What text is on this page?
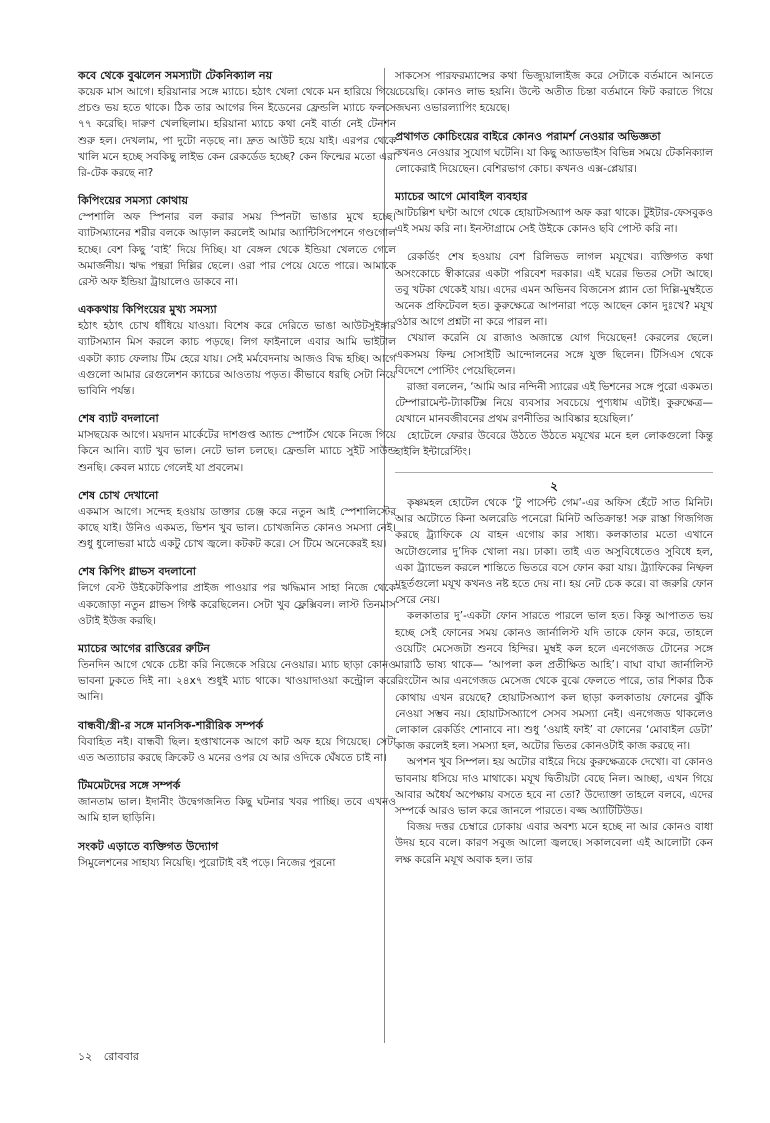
কবে থেকে বুঝলেন সমস্যাটা টেকনিক্যাল নয়

কয়েক মাস আগে। হরিয়ানার সঙ্গে ম্যাচে। হঠাৎ খেলা থেকে মন হারিয়ে গিয়ে প্রচণ্ড ভয় হতে থাকে। ঠিক তার আগের দিন ইডেনের ফ্রেন্ডলি ম্যাচে ফলসে ৭৭ করেছি। দারুণ খেলছিলাম। হরিয়ানা ম্যাচে কথা নেই বার্তা নেই টেনশন শুরু হল। দেখলাম, পা দুটো নড়ছে না। দ্রুত আউট হয়ে যাই। এরপর থেকে খালি মনে হচ্ছে সবকিছু লাইভ কেন রেকর্ডেড হচ্ছে? কেন ফিল্মের মতো এরা রি-টেক করছে না?

কিপিংয়ের সমস্যা কোথায়

স্পেশালি অফ স্পিনার বল করার সময় স্পিনটা ভাঙার মুখে হচ্ছে। ব্যাটসম্যানের শরীর বলকে আড়াল করলেই আমার অ্যান্টিসিপেশনে গণ্ডগোল হচ্ছে। বেশ কিছু ‘বাই’ দিয়ে দিচ্ছি। যা বেঙ্গল থেকে ইন্ডিয়া খেলতে গেলে অমার্জনীয়। ঋদ্ধ পন্থরা দিল্লির ছেলে। ওরা পার পেয়ে যেতে পারে। আমাকে রেস্ট অফ ইন্ডিয়া ট্রায়ালেও ডাকবে না।

এককথায় কিপিংয়ের মুখ্য সমস্যা

হঠাৎ হঠাৎ চোখ ধাঁধিয়ে যাওয়া। বিশেষ করে দেরিতে ভাঙা আউটসুইঙ্গার ব্যাটসম্যান মিস করলে ক্যাচ পড়ছে। লিগ ফাইনালে এবার আমি ভাইটাল একটা ক্যাচ ফেলায় টিম হেরে যায়। সেই মর্মবেদনায় আজও বিদ্ধ হচ্ছি। আগে এগুলো আমার রেগুলেশন ক্যাচের আওতায় পড়ত। কীভাবে ধরছি সেটা নিয়ে ভাবিনি পর্যন্ত।

শেষ ব্যাট বদলানো

মাসছয়েক আগে। ময়দান মার্কেটের দাশগুপ্ত অ্যান্ড স্পোর্টস থেকে নিজে গিয়ে কিনে আনি। ব্যাট খুব ভাল। নেটে ভাল চলছে। ফ্রেন্ডলি ম্যাচে সুইট সাউন্ড শুনছি। কেবল ম্যাচে গেলেই যা প্রবলেম।

শেষ চোখ দেখানো

একমাস আগে। সন্দেহ হওয়ায় ডাক্তার চেঞ্জ করে নতুন আই স্পেশালিস্টের কাছে যাই। উনিও একমত, ভিশন খুব ভাল। চোখজনিত কোনও সমস্যা নেই। শুধু ধুলোভরা মাঠে একটু চোখ জ্বলে। কটকট করে। সে টিমে অনেকেরই হয়।

শেষ কিপিং গ্লাভস বদলানো

লিগে বেস্ট উইকেটকিপার প্রাইজ পাওয়ার পর ঋদ্ধিমান সাহা নিজে থেকে একজোড়া নতুন গ্লাভস গিফ্ট করেছিলেন। সেটা খুব ফ্লেক্সিবল। লাস্ট তিনমাস ওটাই ইউজ করছি।

ম্যাচের আগের রাত্তিরের রুটিন

তিনদিন আগে থেকে চেষ্টা করি নিজেকে সরিয়ে নেওয়ার। ম্যাচ ছাড়া কোনও ভাবনা ঢুকতে দিই না। ২৪x৭ শুধুই ম্যাচ থাকে। খাওয়াদাওয়া কন্ট্রোল করে আনি।

বান্ধবী/স্ত্রী-র সঙ্গে মানসিক-শারীরিক সম্পর্ক

বিবাহিত নই। বান্ধবী ছিল। হপ্তাখানেক আগে কাট অফ হয়ে গিয়েছে। সেটা এত অত্যাচার করছে ক্রিকেট ও মনের ওপর যে আর ওদিকে ঘেঁষতে চাই না।

টিমমেটদের সঙ্গে সম্পর্ক

জানতাম ভাল। ইদানীং উদ্বেগজনিত কিছু ঘটনার খবর পাচ্ছি। তবে এখনও আমি হাল ছাড়িনি।

সংকট এড়াতে ব্যক্তিগত উদ্যোগ

সিমুলেশনের সাহায্য নিয়েছি। পুরোটাই বই পড়ে। নিজের পুরনো

সাকসেস পারফরম্যান্সের কথা ভিজ্যুয়ালাইজ করে সেটাকে বর্তমানে আনতে চেয়েছি। কোনও লাভ হয়নি। উল্টে অতীত চিন্তা বর্তমানে ফিট করাতে গিয়ে জঘন্য ওভারল্যাপিং হয়েছে।

প্রথাগত কোচিংয়ের বাইরে কোনও পরামর্শ নেওয়ার অভিজ্ঞতা

কখনও নেওয়ার সুযোগ ঘটেনি। যা কিছু অ্যাডভাইস বিভিন্ন সময়ে টেকনিক্যাল লোকেরাই দিয়েছেন। বেশিরভাগ কোচ। কখনও এক্স-প্লেয়ার।

ম্যাচের আগে মোবাইল ব্যবহার

আটচল্লিশ ঘণ্টা আগে থেকে হোয়াটসঅ্যাপ অফ করা থাকে। টুইটার-ফেসবুকও এই সময় করি না। ইনস্টাগ্রামে সেই উইকে কোনও ছবি পোস্ট করি না।

রেকর্ডিং শেষ হওয়ায় বেশ রিলিভড লাগল মযূখের। ব্যক্তিগত কথা অসংকোচে স্বীকারের একটা পরিবেশ দরকার। এই ঘরের ভিতর সেটা আছে। তবু খটকা থেকেই যায়। এদের এমন অভিনব বিজনেস প্ল্যান তো দিল্লি-মুম্বইতে অনেক প্রফিটেবল হত। কুরুক্ষেত্রে আপনারা পড়ে আছেন কোন দুঃখে? মযূখ ওঠার আগে প্রশ্নটা না করে পারল না।

খেয়াল করেনি যে রাজাও অজান্তে যোগ দিয়েছেন! কেরলের ছেলে। একসময় ফিল্ম সোসাইটি আন্দোলনের সঙ্গে যুক্ত ছিলেন। টিসিএস থেকে বিদেশে পোস্টিং পেয়েছিলেন।

রাজা বললেন, ‘আমি আর নন্দিনী স্যারের এই ভিশনের সঙ্গে পুরো একমত। টেম্পারামেন্ট-ট্যাকটিক্স নিয়ে ব্যবসার সবচেয়ে পুণ্যধাম এটাই। কুরুক্ষেত্র— যেখানে মানবজীবনের প্রথম রণনীতির আবিষ্কার হয়েছিল।’

হোটেলে ফেরার উবেরে উঠতে উঠতে মযূখের মনে হল লোকগুলো কিন্তু হাইলি ইন্টারেস্টিং।

২

কৃষ্ণমহল হোটেল থেকে ‘টু পার্সেন্ট গেম’-এর অফিস হেঁটে সাত মিনিট। আর অটোতে কিনা অলরেডি পনেরো মিনিট অতিক্রান্ত! সরু রাস্তা গিজগিজ করছে ট্র্যাফিকে যে বাহন এগোয় কার সাধ্য। কলকাতার মতো এখানে অটোগুলোর দু’দিক খোলা নয়। ঢাকা। তাই এত অসুবিধেতেও সুবিধে হল, একা ট্র্যাভেল করলে শান্তিতে ভিতরে বসে ফোন করা যায়। ট্র্যাফিকের নিষ্ফল মুহূর্তগুলো মযূখ কখনও নষ্ট হতে দেয় না। হয় নেট চেক করে। বা জরুরি ফোন সেরে নেয়।

কলকাতার দু’-একটা ফোন সারতে পারলে ভাল হত। কিন্তু আপাতত ভয় হচ্ছে সেই ফোনের সময় কোনও জার্নালিস্ট যদি তাকে ফোন করে, তাহলে ওয়েটিং মেসেজটা শুনবে হিন্দির। মুম্বই কল হলে এনগেজড টোনের সঙ্গে মারাঠি ভাষ্য থাকে— ‘আপলা কল প্রতীক্ষিত আহি’। বাঘা বাঘা জার্নালিস্ট রিংটোন আর এনগেজড মেসেজ থেকে বুঝে ফেলতে পারে, তার শিকার ঠিক কোথায় এখন রয়েছে? হোয়াটসঅ্যাপ কল ছাড়া কলকাতায় ফোনের ঝুঁকি নেওয়া সম্ভব নয়। হোয়াটসঅ্যাপে সেসব সমস্যা নেই। এনগেজড থাকলেও লোকাল রেকর্ডিং শোনাবে না। শুধু ‘ওয়াই ফাই’ বা ফোনের ‘মোবাইল ডেটা’ কাজ করলেই হল। সমস্যা হল, অটোর ভিতর কোনওটাই কাজ করছে না।

অপশন খুব সিম্পল। হয় অটোর বাইরে দিয়ে কুরুক্ষেত্রকে দেখো। বা কোনও ভাবনায় ধসিয়ে দাও মাথাকে। মযূখ দ্বিতীয়টা বেছে নিল। আচ্ছা, এখন গিয়ে আবার অধৈর্য অপেক্ষায় বসতে হবে না তো? উদ্যোক্তা তাহলে বলবে, এদের সম্পর্কে আরও ভাল করে জানলে পারতে। বজ্জ অ্যাটিটিউড।

বিজয় দত্তর চেম্বারে ঢোকায় এবার অবশ্য মনে হচ্ছে না আর কোনও বাধা উদয় হবে বলে। কারণ সবুজ আলো জ্বলছে। সকালবেলা এই আলোটা কেন লক্ষ করেনি মযূখ অবাক হল। তার

১২ রোববার
